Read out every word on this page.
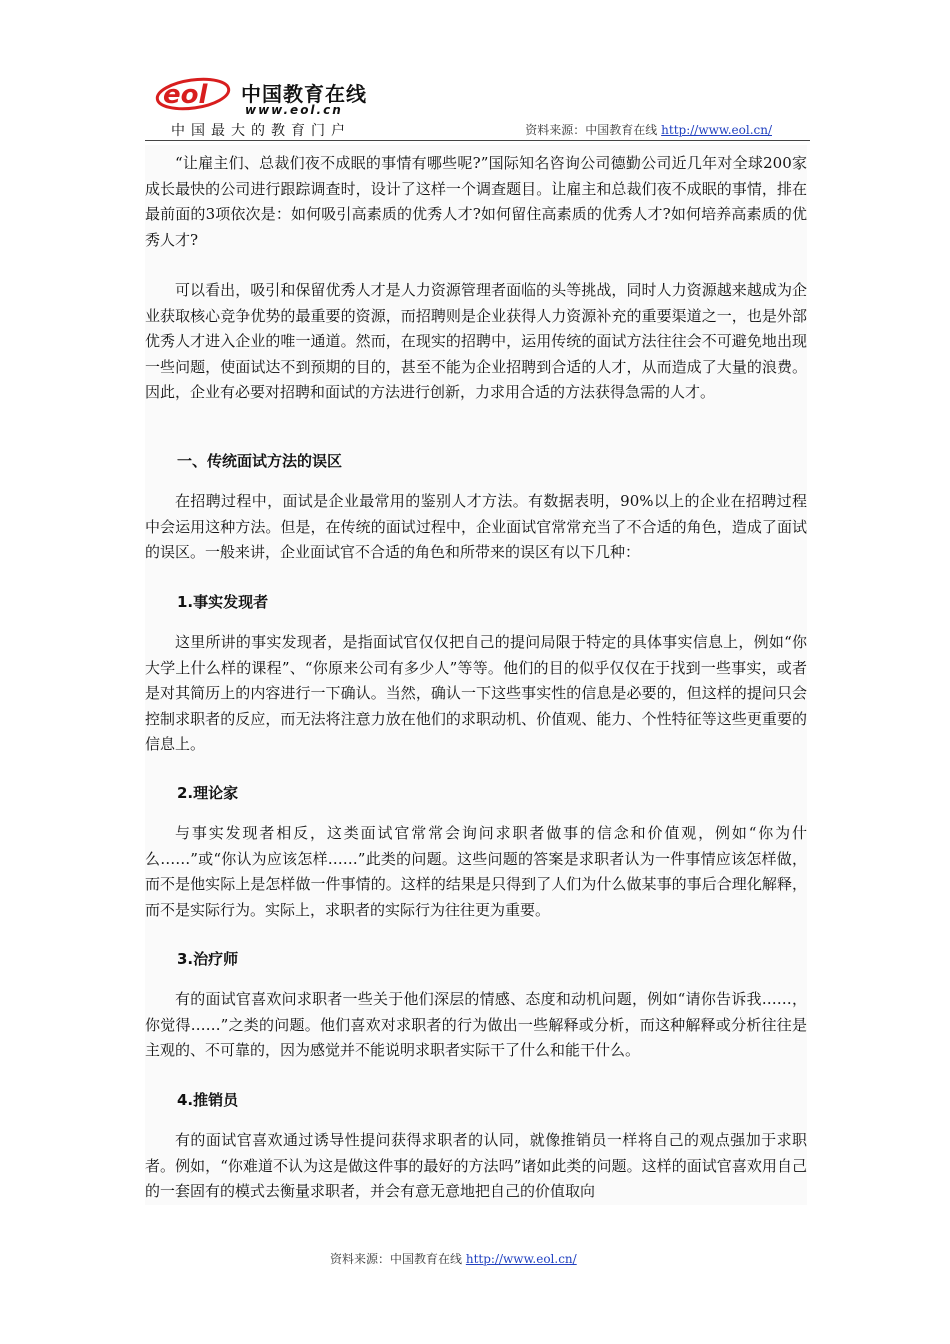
eol 中国教育在线
www.eol.cn
中国最大的教育门户	资料来源：中国教育在线 http://www.eol.cn/

“让雇主们、总裁们夜不成眠的事情有哪些呢?”国际知名咨询公司德勤公司近几年对全球200家成长最快的公司进行跟踪调查时，设计了这样一个调查题目。让雇主和总裁们夜不成眠的事情，排在最前面的3项依次是：如何吸引高素质的优秀人才?如何留住高素质的优秀人才?如何培养高素质的优秀人才?

可以看出，吸引和保留优秀人才是人力资源管理者面临的头等挑战，同时人力资源越来越成为企业获取核心竞争优势的最重要的资源，而招聘则是企业获得人力资源补充的重要渠道之一，也是外部优秀人才进入企业的唯一通道。然而，在现实的招聘中，运用传统的面试方法往往会不可避免地出现一些问题，使面试达不到预期的目的，甚至不能为企业招聘到合适的人才，从而造成了大量的浪费。因此，企业有必要对招聘和面试的方法进行创新，力求用合适的方法获得急需的人才。

一、传统面试方法的误区

在招聘过程中，面试是企业最常用的鉴别人才方法。有数据表明，90%以上的企业在招聘过程中会运用这种方法。但是，在传统的面试过程中，企业面试官常常充当了不合适的角色，造成了面试的误区。一般来讲，企业面试官不合适的角色和所带来的误区有以下几种：

1.事实发现者

这里所讲的事实发现者，是指面试官仅仅把自己的提问局限于特定的具体事实信息上，例如“你大学上什么样的课程”、“你原来公司有多少人”等等。他们的目的似乎仅仅在于找到一些事实，或者是对其简历上的内容进行一下确认。当然，确认一下这些事实性的信息是必要的，但这样的提问只会控制求职者的反应，而无法将注意力放在他们的求职动机、价值观、能力、个性特征等这些更重要的信息上。

2.理论家

与事实发现者相反，这类面试官常常会询问求职者做事的信念和价值观，例如“你为什么……”或“你认为应该怎样……”此类的问题。这些问题的答案是求职者认为一件事情应该怎样做，而不是他实际上是怎样做一件事情的。这样的结果是只得到了人们为什么做某事的事后合理化解释，而不是实际行为。实际上，求职者的实际行为往往更为重要。

3.治疗师

有的面试官喜欢问求职者一些关于他们深层的情感、态度和动机问题，例如“请你告诉我……，你觉得……”之类的问题。他们喜欢对求职者的行为做出一些解释或分析，而这种解释或分析往往是主观的、不可靠的，因为感觉并不能说明求职者实际干了什么和能干什么。

4.推销员

有的面试官喜欢通过诱导性提问获得求职者的认同，就像推销员一样将自己的观点强加于求职者。例如，“你难道不认为这是做这件事的最好的方法吗”诸如此类的问题。这样的面试官喜欢用自己的一套固有的模式去衡量求职者，并会有意无意地把自己的价值取向

资料来源：中国教育在线 http://www.eol.cn/
